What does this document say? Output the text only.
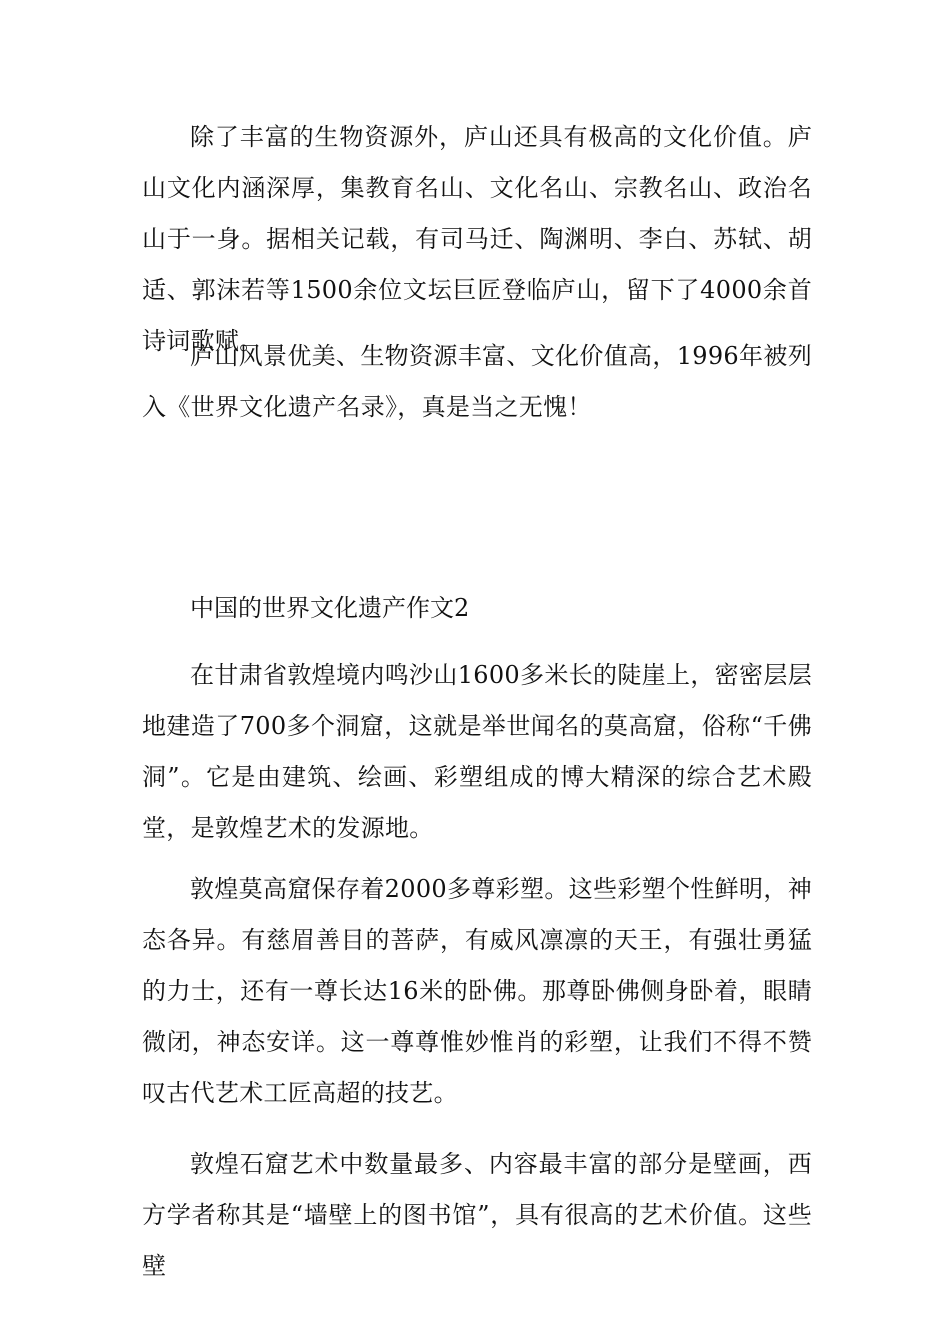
除了丰富的生物资源外，庐山还具有极高的文化价值。庐山文化内涵深厚，集教育名山、文化名山、宗教名山、政治名山于一身。据相关记载，有司马迁、陶渊明、李白、苏轼、胡适、郭沫若等1500余位文坛巨匠登临庐山，留下了4000余首诗词歌赋。

庐山风景优美、生物资源丰富、文化价值高，1996年被列入《世界文化遗产名录》，真是当之无愧！

中国的世界文化遗产作文2

在甘肃省敦煌境内鸣沙山1600多米长的陡崖上，密密层层地建造了700多个洞窟，这就是举世闻名的莫高窟，俗称“千佛洞”。它是由建筑、绘画、彩塑组成的博大精深的综合艺术殿堂，是敦煌艺术的发源地。

敦煌莫高窟保存着2000多尊彩塑。这些彩塑个性鲜明，神态各异。有慈眉善目的菩萨，有威风凛凛的天王，有强壮勇猛的力士，还有一尊长达16米的卧佛。那尊卧佛侧身卧着，眼睛微闭，神态安详。这一尊尊惟妙惟肖的彩塑，让我们不得不赞叹古代艺术工匠高超的技艺。

敦煌石窟艺术中数量最多、内容最丰富的部分是壁画，西方学者称其是“墙壁上的图书馆”，具有很高的艺术价值。这些壁
